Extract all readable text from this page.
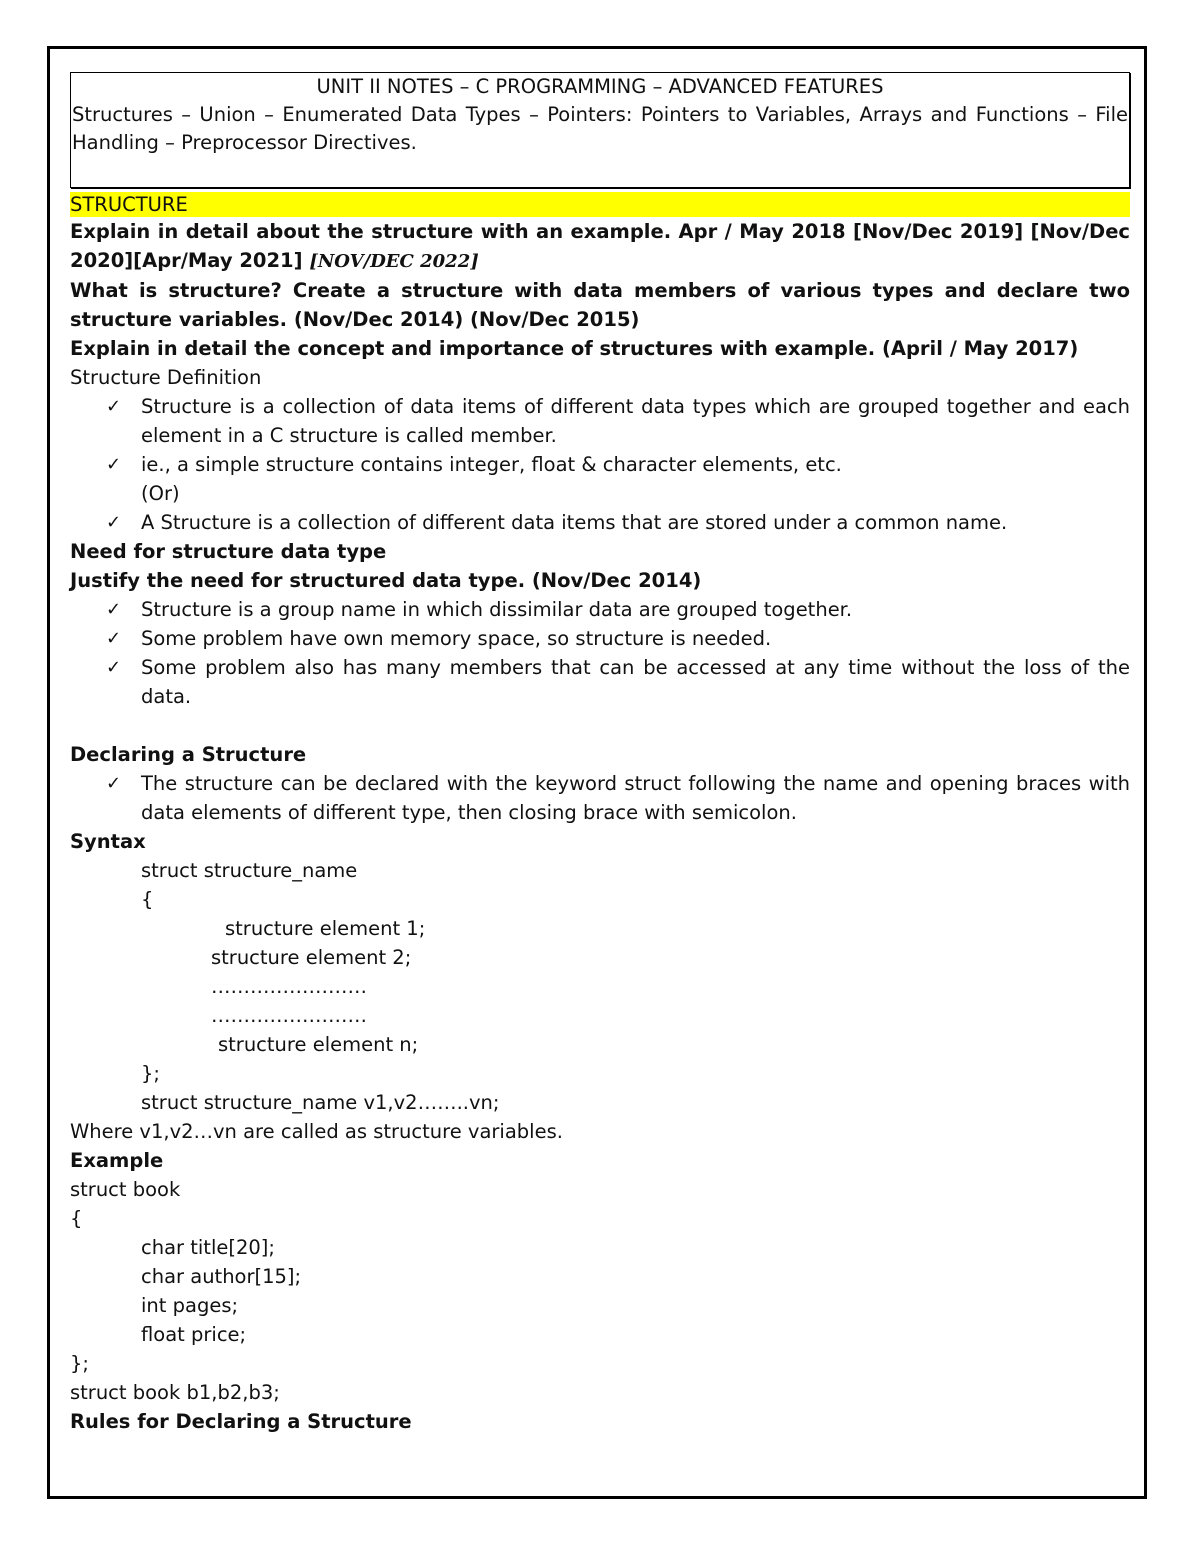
UNIT II NOTES – C PROGRAMMING – ADVANCED FEATURES
Structures – Union – Enumerated Data Types – Pointers: Pointers to Variables, Arrays and Functions – File Handling – Preprocessor Directives.
STRUCTURE
Explain in detail about the structure with an example. Apr / May 2018 [Nov/Dec 2019] [Nov/Dec 2020][Apr/May 2021] [NOV/DEC 2022]
What is structure? Create a structure with data members of various types and declare two structure variables. (Nov/Dec 2014) (Nov/Dec 2015)
Explain in detail the concept and importance of structures with example. (April / May 2017)
Structure Definition
✓ Structure is a collection of data items of different data types which are grouped together and each element in a C structure is called member.
✓ ie., a simple structure contains integer, float & character elements, etc.
(Or)
✓ A Structure is a collection of different data items that are stored under a common name.
Need for structure data type
Justify the need for structured data type. (Nov/Dec 2014)
✓ Structure is a group name in which dissimilar data are grouped together.
✓ Some problem have own memory space, so structure is needed.
✓ Some problem also has many members that can be accessed at any time without the loss of the data.
Declaring a Structure
✓ The structure can be declared with the keyword struct following the name and opening braces with data elements of different type, then closing brace with semicolon.
Syntax
struct structure_name
{
structure element 1;
structure element 2;
……………………
……………………
structure element n;
};
struct structure_name v1,v2……..vn;
Where v1,v2…vn are called as structure variables.
Example
struct book
{
char title[20];
char author[15];
int pages;
float price;
};
struct book b1,b2,b3;
Rules for Declaring a Structure
